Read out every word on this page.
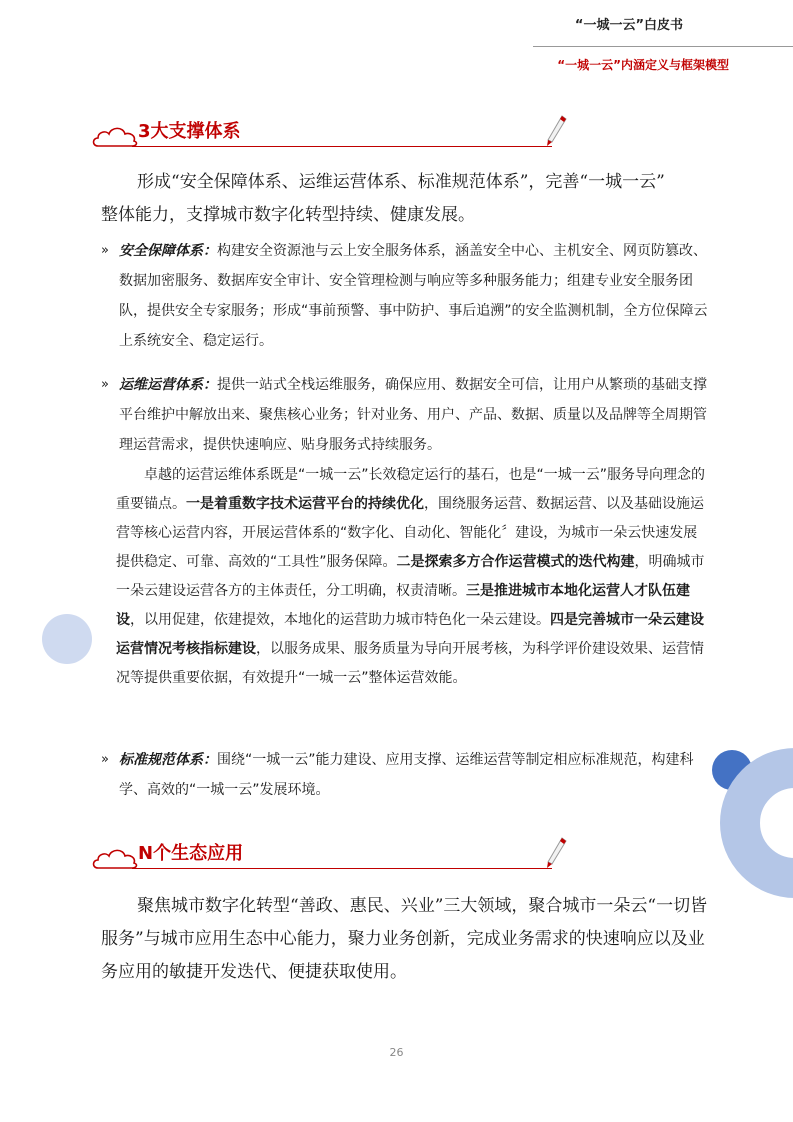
“一城一云”白皮书
“一城一云”内涵定义与框架模型
3大支撑体系

形成“安全保障体系、运维运营体系、标准规范体系”，完善“一城一云”
整体能力，支撑城市数字化转型持续、健康发展。

» 安全保障体系：构建安全资源池与云上安全服务体系，涵盖安全中心、主机安全、网页防篡改、数据加密服务、数据库安全审计、安全管理检测与响应等多种服务能力；组建专业安全服务团队，提供安全专家服务；形成“事前预警、事中防护、事后追溯”的安全监测机制，全方位保障云上系统安全、稳定运行。
» 运维运营体系：提供一站式全栈运维服务，确保应用、数据安全可信，让用户从繁琐的基础支撑平台维护中解放出来、聚焦核心业务；针对业务、用户、产品、数据、质量以及品牌等全周期管理运营需求，提供快速响应、贴身服务式持续服务。
卓越的运营运维体系既是“一城一云”长效稳定运行的基石，也是“一城一云”服务导向理念的重要锚点。一是着重数字技术运营平台的持续优化，围绕服务运营、数据运营、以及基础设施运营等核心运营内容，开展运营体系的“数字化、自动化、智能化〞建设，为城市一朵云快速发展提供稳定、可靠、高效的“工具性”服务保障。二是探索多方合作运营模式的迭代构建，明确城市一朵云建设运营各方的主体责任，分工明确，权责清晰。三是推进城市本地化运营人才队伍建设，以用促建，依建提效，本地化的运营助力城市特色化一朵云建设。四是完善城市一朵云建设运营情况考核指标建设，以服务成果、服务质量为导向开展考核，为科学评价建设效果、运营情况等提供重要依据，有效提升“一城一云”整体运营效能。
» 标准规范体系：围绕“一城一云”能力建设、应用支撑、运维运营等制定相应标准规范，构建科学、高效的“一城一云”发展环境。
N个生态应用

聚焦城市数字化转型“善政、惠民、兴业”三大领域，聚合城市一朵云“一切皆服务”与城市应用生态中心能力，聚力业务创新，完成业务需求的快速响应以及业务应用的敏捷开发迭代、便捷获取使用。

26
